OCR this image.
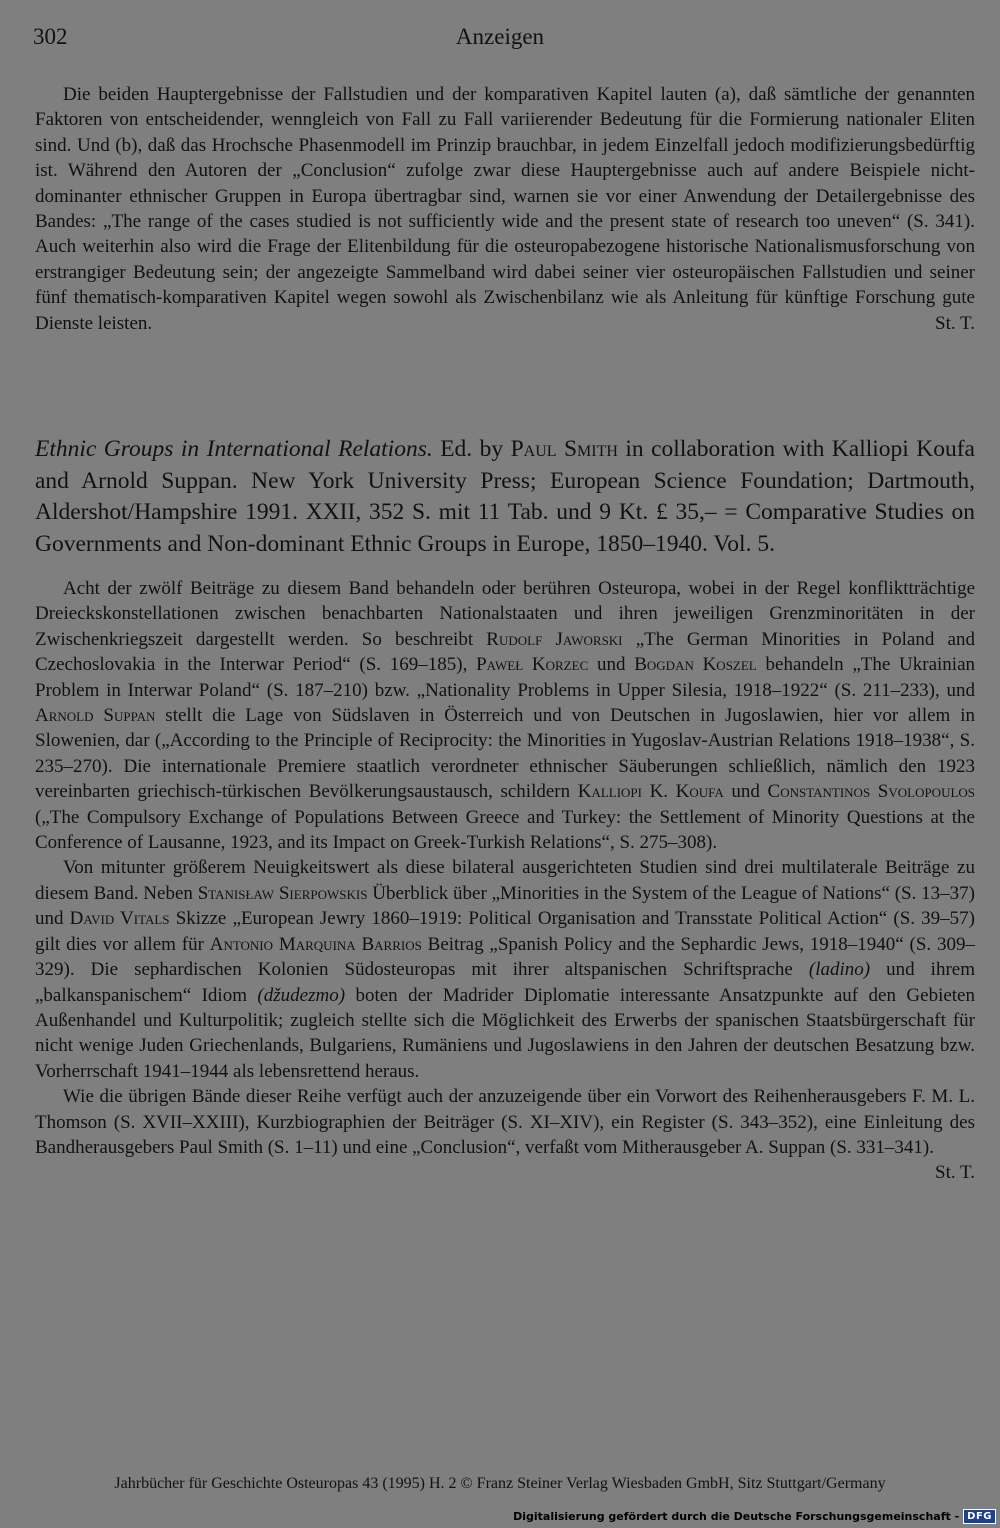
302	Anzeigen

Die beiden Hauptergebnisse der Fallstudien und der komparativen Kapitel lauten (a), daß sämtliche der genannten Faktoren von entscheidender, wenngleich von Fall zu Fall variierender Bedeutung für die Formierung nationaler Eliten sind. Und (b), daß das Hrochsche Phasenmodell im Prinzip brauchbar, in jedem Einzelfall jedoch modifizierungsbedürftig ist. Während den Autoren der „Conclusion“ zufolge zwar diese Hauptergebnisse auch auf andere Beispiele nicht-dominanter ethnischer Gruppen in Europa übertragbar sind, warnen sie vor einer Anwendung der Detailergebnisse des Bandes: „The range of the cases studied is not sufficiently wide and the present state of research too uneven“ (S. 341). Auch weiterhin also wird die Frage der Elitenbildung für die osteuropabezogene historische Nationalismusforschung von erstrangiger Bedeutung sein; der angezeigte Sammelband wird dabei seiner vier osteuropäischen Fallstudien und seiner fünf thematisch-komparativen Kapitel wegen sowohl als Zwischenbilanz wie als Anleitung für künftige Forschung gute Dienste leisten.	St. T.

Ethnic Groups in International Relations. Ed. by Paul Smith in collaboration with Kalliopi Koufa and Arnold Suppan. New York University Press; European Science Foundation; Dartmouth, Aldershot/Hampshire 1991. XXII, 352 S. mit 11 Tab. und 9 Kt. £ 35,– = Comparative Studies on Governments and Non-dominant Ethnic Groups in Europe, 1850–1940. Vol. 5.

Acht der zwölf Beiträge zu diesem Band behandeln oder berühren Osteuropa, wobei in der Regel konfliktträchtige Dreieckskonstellationen zwischen benachbarten Nationalstaaten und ihren jeweiligen Grenzminoritäten in der Zwischenkriegszeit dargestellt werden. So beschreibt Rudolf Jaworski „The German Minorities in Poland and Czechoslovakia in the Interwar Period“ (S. 169–185), Paweł Korzec und Bogdan Koszel behandeln „The Ukrainian Problem in Interwar Poland“ (S. 187–210) bzw. „Nationality Problems in Upper Silesia, 1918–1922“ (S. 211–233), und Arnold Suppan stellt die Lage von Südslaven in Österreich und von Deutschen in Jugoslawien, hier vor allem in Slowenien, dar („According to the Principle of Reciprocity: the Minorities in Yugoslav-Austrian Relations 1918–1938“, S. 235–270). Die internationale Premiere staatlich verordneter ethnischer Säuberungen schließlich, nämlich den 1923 vereinbarten griechisch-türkischen Bevölkerungsaustausch, schildern Kalliopi K. Koufa und Constantinos Svolopoulos („The Compulsory Exchange of Populations Between Greece and Turkey: the Settlement of Minority Questions at the Conference of Lausanne, 1923, and its Impact on Greek-Turkish Relations“, S. 275–308).

Von mitunter größerem Neuigkeitswert als diese bilateral ausgerichteten Studien sind drei multilaterale Beiträge zu diesem Band. Neben Stanisław Sierpowskis Überblick über „Minorities in the System of the League of Nations“ (S. 13–37) und David Vitals Skizze „European Jewry 1860–1919: Political Organisation and Transstate Political Action“ (S. 39–57) gilt dies vor allem für Antonio Marquina Barrios Beitrag „Spanish Policy and the Sephardic Jews, 1918–1940“ (S. 309–329). Die sephardischen Kolonien Südosteuropas mit ihrer altspanischen Schriftsprache (ladino) und ihrem „balkanspanischem“ Idiom (džudezmo) boten der Madrider Diplomatie interessante Ansatzpunkte auf den Gebieten Außenhandel und Kulturpolitik; zugleich stellte sich die Möglichkeit des Erwerbs der spanischen Staatsbürgerschaft für nicht wenige Juden Griechenlands, Bulgariens, Rumäniens und Jugoslawiens in den Jahren der deutschen Besatzung bzw. Vorherrschaft 1941–1944 als lebensrettend heraus.

Wie die übrigen Bände dieser Reihe verfügt auch der anzuzeigende über ein Vorwort des Reihenherausgebers F. M. L. Thomson (S. XVII–XXIII), Kurzbiographien der Beiträger (S. XI–XIV), ein Register (S. 343–352), eine Einleitung des Bandherausgebers Paul Smith (S. 1–11) und eine „Conclusion“, verfaßt vom Mitherausgeber A. Suppan (S. 331–341).
St. T.

Jahrbücher für Geschichte Osteuropas 43 (1995) H. 2 © Franz Steiner Verlag Wiesbaden GmbH, Sitz Stuttgart/Germany
Digitalisierung gefördert durch die Deutsche Forschungsgemeinschaft - DFG
